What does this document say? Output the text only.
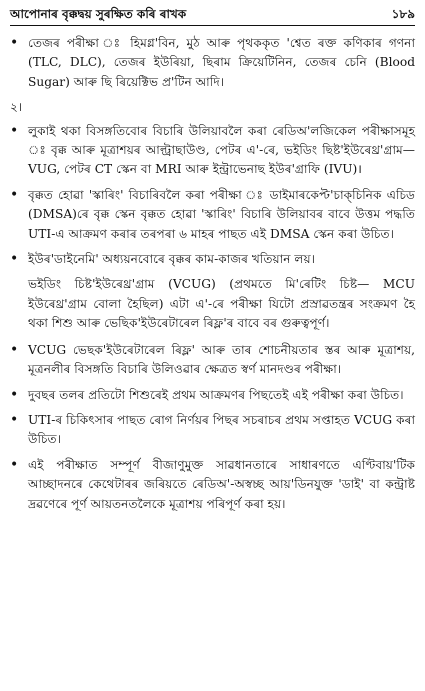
আপোনাৰ বৃক্কদ্বয় সুৰক্ষিত কৰি ৰাখক	১৮৯
• তেজৰ পৰীক্ষা ঃ হিমগ্ল'বিন, মুঠ আৰু পৃথককৃত 'শ্বেত ৰক্ত কণিকাৰ গণনা (TLC, DLC), তেজৰ ইউৰিয়া, ছিৰাম ক্ৰিয়েটিনিন, তেজৰ চেনি (Blood Sugar) আৰু ছি ৰিয়েক্টিভ প্ৰ'টিন আদি।
২।
• লুকাই থকা বিসঙ্গতিবোৰ বিচাৰি উলিয়াবলৈ কৰা ৰেডিঅ'লজিকেল পৰীক্ষাসমূহ ঃ বৃক্ক আৰু মূত্ৰাশয়ৰ আল্ট্ৰাছাউণ্ড, পেটৰ এ'-ৰে, ভইডিং ছিষ্ট'ইউৰেথ্ৰ'গ্ৰাম— VUG, পেটৰ CT স্কেন বা MRI আৰু ইন্ট্ৰাভেনাছ ইউৰ'গ্ৰাফি (IVU)।
• বৃক্কত হোৱা 'স্কাৰিং' বিচাৰিবলৈ কৰা পৰীক্ষা ঃ ডাইমাৰকেপ্ট'চাক্‌চিনিক এচিড (DMSA)ৰে বৃক্ক স্কেন বৃক্কত হোৱা 'স্কাৰিং' বিচাৰি উলিয়াবৰ বাবে উত্তম পদ্ধতি UTI-এ আক্ৰমণ কৰাৰ তৰপৰা ৬ মাহৰ পাছত এই DMSA স্কেন কৰা উচিত।
• ইউৰ'ডাইনেমি' অধ্যয়নবোৰে বৃক্কৰ কাম-কাজৰ খতিয়ান লয়।
ভইডিং চিষ্ট'ইউৰেথ্ৰ'গ্ৰাম (VCUG) (প্ৰথমতে মি'ৰেটিং চিষ্ট— MCU ইউৰেথ্ৰ'গ্ৰাম বোলা হৈছিল) এটা এ'-ৰে পৰীক্ষা যিটো প্ৰস্ৰাৱতন্ত্ৰৰ সংক্ৰমণ হৈ থকা শিশু আৰু ভেছিক'ইউৰেটাৰেল ৰিফ্ল'ৰ বাবে বৰ গুৰুত্বপূৰ্ণ।
• VCUG ভেছক'ইউৰেটাৰেল ৰিফ্ল' আৰু তাৰ শোচনীয়তাৰ স্তৰ আৰু মূত্ৰাশয়, মূত্ৰনলীৰ বিসঙ্গতি বিচাৰি উলিওৱাৰ ক্ষেত্ৰত স্বৰ্ণ মানদণ্ডৰ পৰীক্ষা।
• দুবছৰ তলৰ প্ৰতিটো শিশুৰেই প্ৰথম আক্ৰমণৰ পিছতেই এই পৰীক্ষা কৰা উচিত।
• UTI-ৰ চিকিৎসাৰ পাছত ৰোগ নিৰ্ণয়ৰ পিছৰ সচৰাচৰ প্ৰথম সপ্তাহত VCUG কৰা উচিত।
• এই পৰীক্ষাত সম্পূৰ্ণ বীজাণুমুক্ত সাৱধানতাৰে সাধাৰণতে এণ্টিবায়'টিক আচ্ছাদনৰে কেথেটাৰৰ জৰিয়তে ৰেডিঅ'-অস্বচ্ছ আয়'ডিনযুক্ত 'ডাই' বা কন্ট্ৰাষ্ট দ্ৰৱণেৰে পূৰ্ণ আয়তনতলৈকে মূত্ৰাশয় পৰিপূৰ্ণ কৰা হয়।
